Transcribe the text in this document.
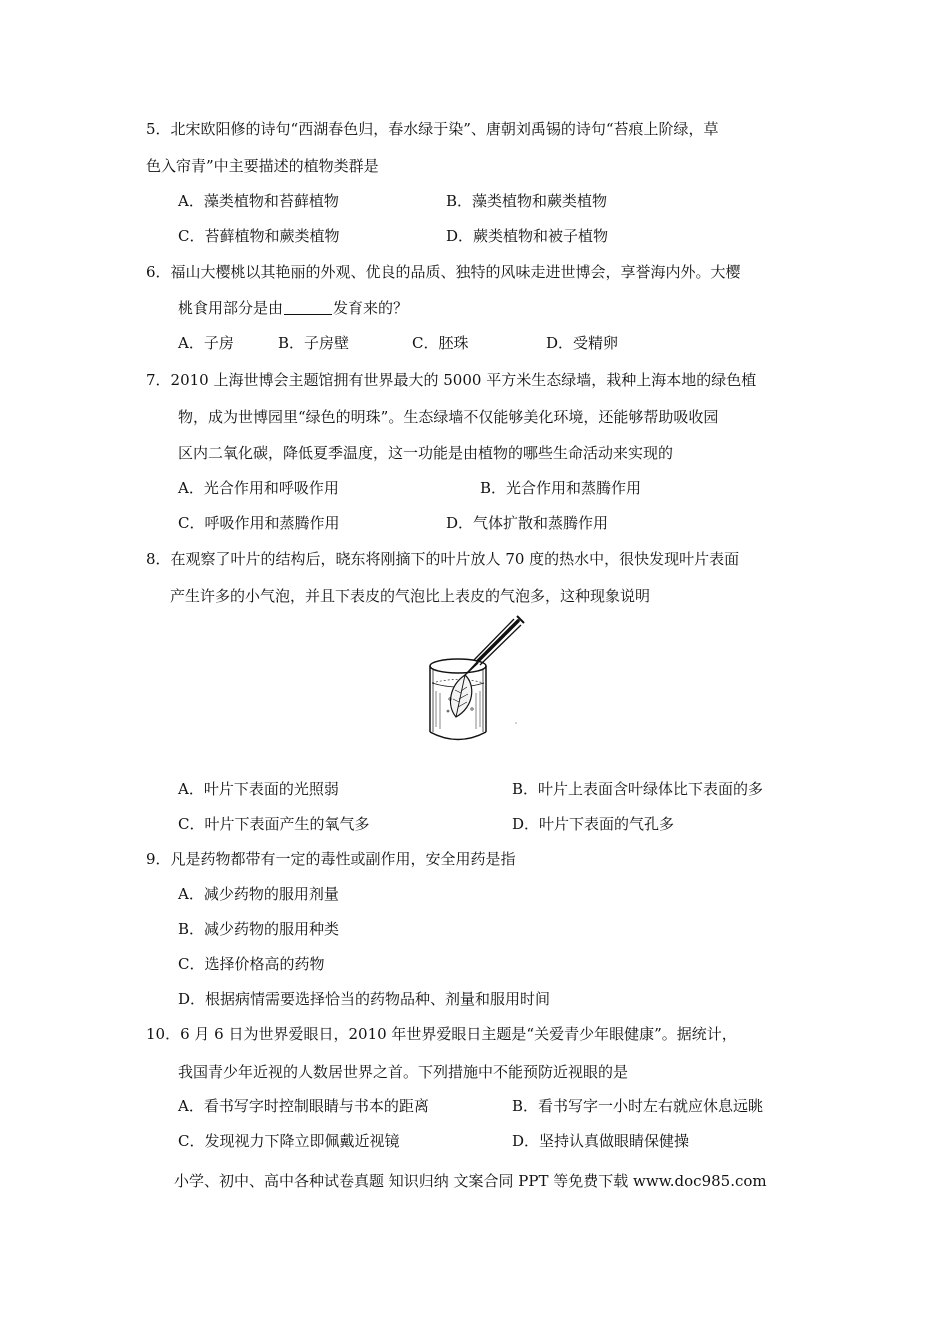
5．北宋欧阳修的诗句“西湖春色归，春水绿于染”、唐朝刘禹锡的诗句“苔痕上阶绿，草
色入帘青”中主要描述的植物类群是
A．藻类植物和苔藓植物	B．藻类植物和蕨类植物
C．苔藓植物和蕨类植物	D．蕨类植物和被子植物
6．福山大樱桃以其艳丽的外观、优良的品质、独特的风味走进世博会，享誉海内外。大樱
桃食用部分是由	发育来的？
A．子房	B．子房壁	C．胚珠	D．受精卵
7．2010 上海世博会主题馆拥有世界最大的 5000 平方米生态绿墙，栽种上海本地的绿色植
物，成为世博园里“绿色的明珠”。生态绿墙不仅能够美化环境，还能够帮助吸收园
区内二氧化碳，降低夏季温度，这一功能是由植物的哪些生命活动来实现的
A．光合作用和呼吸作用	B．光合作用和蒸腾作用
C．呼吸作用和蒸腾作用	D．气体扩散和蒸腾作用
8．在观察了叶片的结构后，晓东将刚摘下的叶片放人 70 度的热水中，很快发现叶片表面
产生许多的小气泡，并且下表皮的气泡比上表皮的气泡多，这种现象说明
A．叶片下表面的光照弱	B．叶片上表面含叶绿体比下表面的多
C．叶片下表面产生的氧气多	D．叶片下表面的气孔多
9．凡是药物都带有一定的毒性或副作用，安全用药是指
A．减少药物的服用剂量
B．减少药物的服用种类
C．选择价格高的药物
D．根据病情需要选择恰当的药物品种、剂量和服用时间
10．6 月 6 日为世界爱眼日，2010 年世界爱眼日主题是“关爱青少年眼健康”。据统计，
我国青少年近视的人数居世界之首。下列措施中不能预防近视眼的是
A．看书写字时控制眼睛与书本的距离	B．看书写字一小时左右就应休息远眺
C．发现视力下降立即佩戴近视镜	D．坚持认真做眼睛保健操
小学、初中、高中各种试卷真题 知识归纳 文案合同 PPT 等免费下载 www.doc985.com
